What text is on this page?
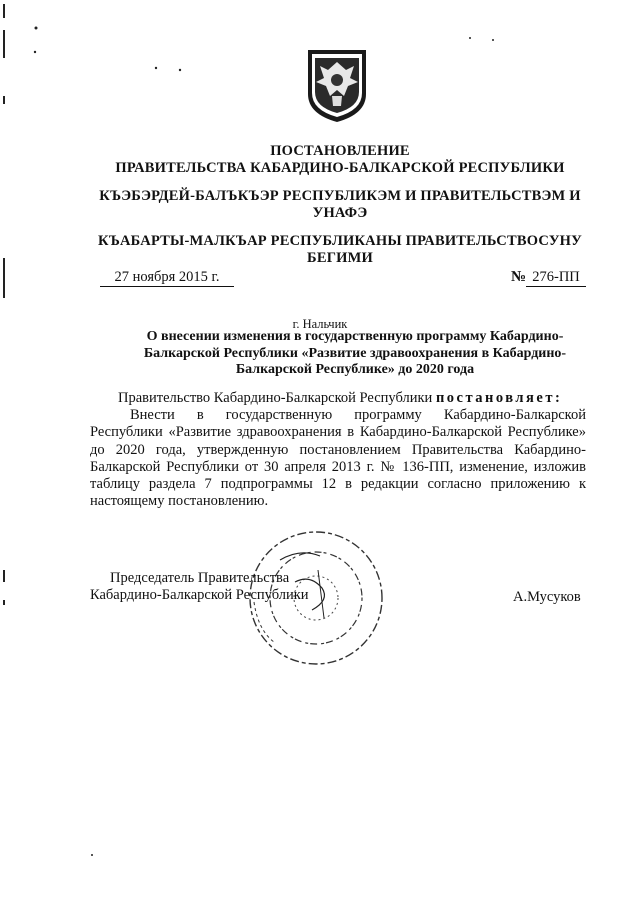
ПОСТАНОВЛЕНИЕ
ПРАВИТЕЛЬСТВА КАБАРДИНО-БАЛКАРСКОЙ РЕСПУБЛИКИ
КЪЭБЭРДЕЙ-БАЛЪКЪЭР РЕСПУБЛИКЭМ И ПРАВИТЕЛЬСТВЭМ И УНАФЭ
КЪАБАРТЫ-МАЛКЪАР РЕСПУБЛИКАНЫ ПРАВИТЕЛЬСТВОСУНУ БЕГИМИ
27 ноября 2015 г.	№ 276-ПП
г. Нальчик
О внесении изменения в государственную программу Кабардино-Балкарской Республики «Развитие здравоохранения в Кабардино-Балкарской Республике» до 2020 года
Правительство Кабардино-Балкарской Республики постановляет:
Внести в государственную программу Кабардино-Балкарской Республики «Развитие здравоохранения в Кабардино-Балкарской Республике» до 2020 года, утвержденную постановлением Правительства Кабардино-Балкарской Республики от 30 апреля 2013 г. № 136-ПП, изменение, изложив таблицу раздела 7 подпрограммы 12 в редакции согласно приложению к настоящему постановлению.
Председатель Правительства
Кабардино-Балкарской Республики	А.Мусуков
